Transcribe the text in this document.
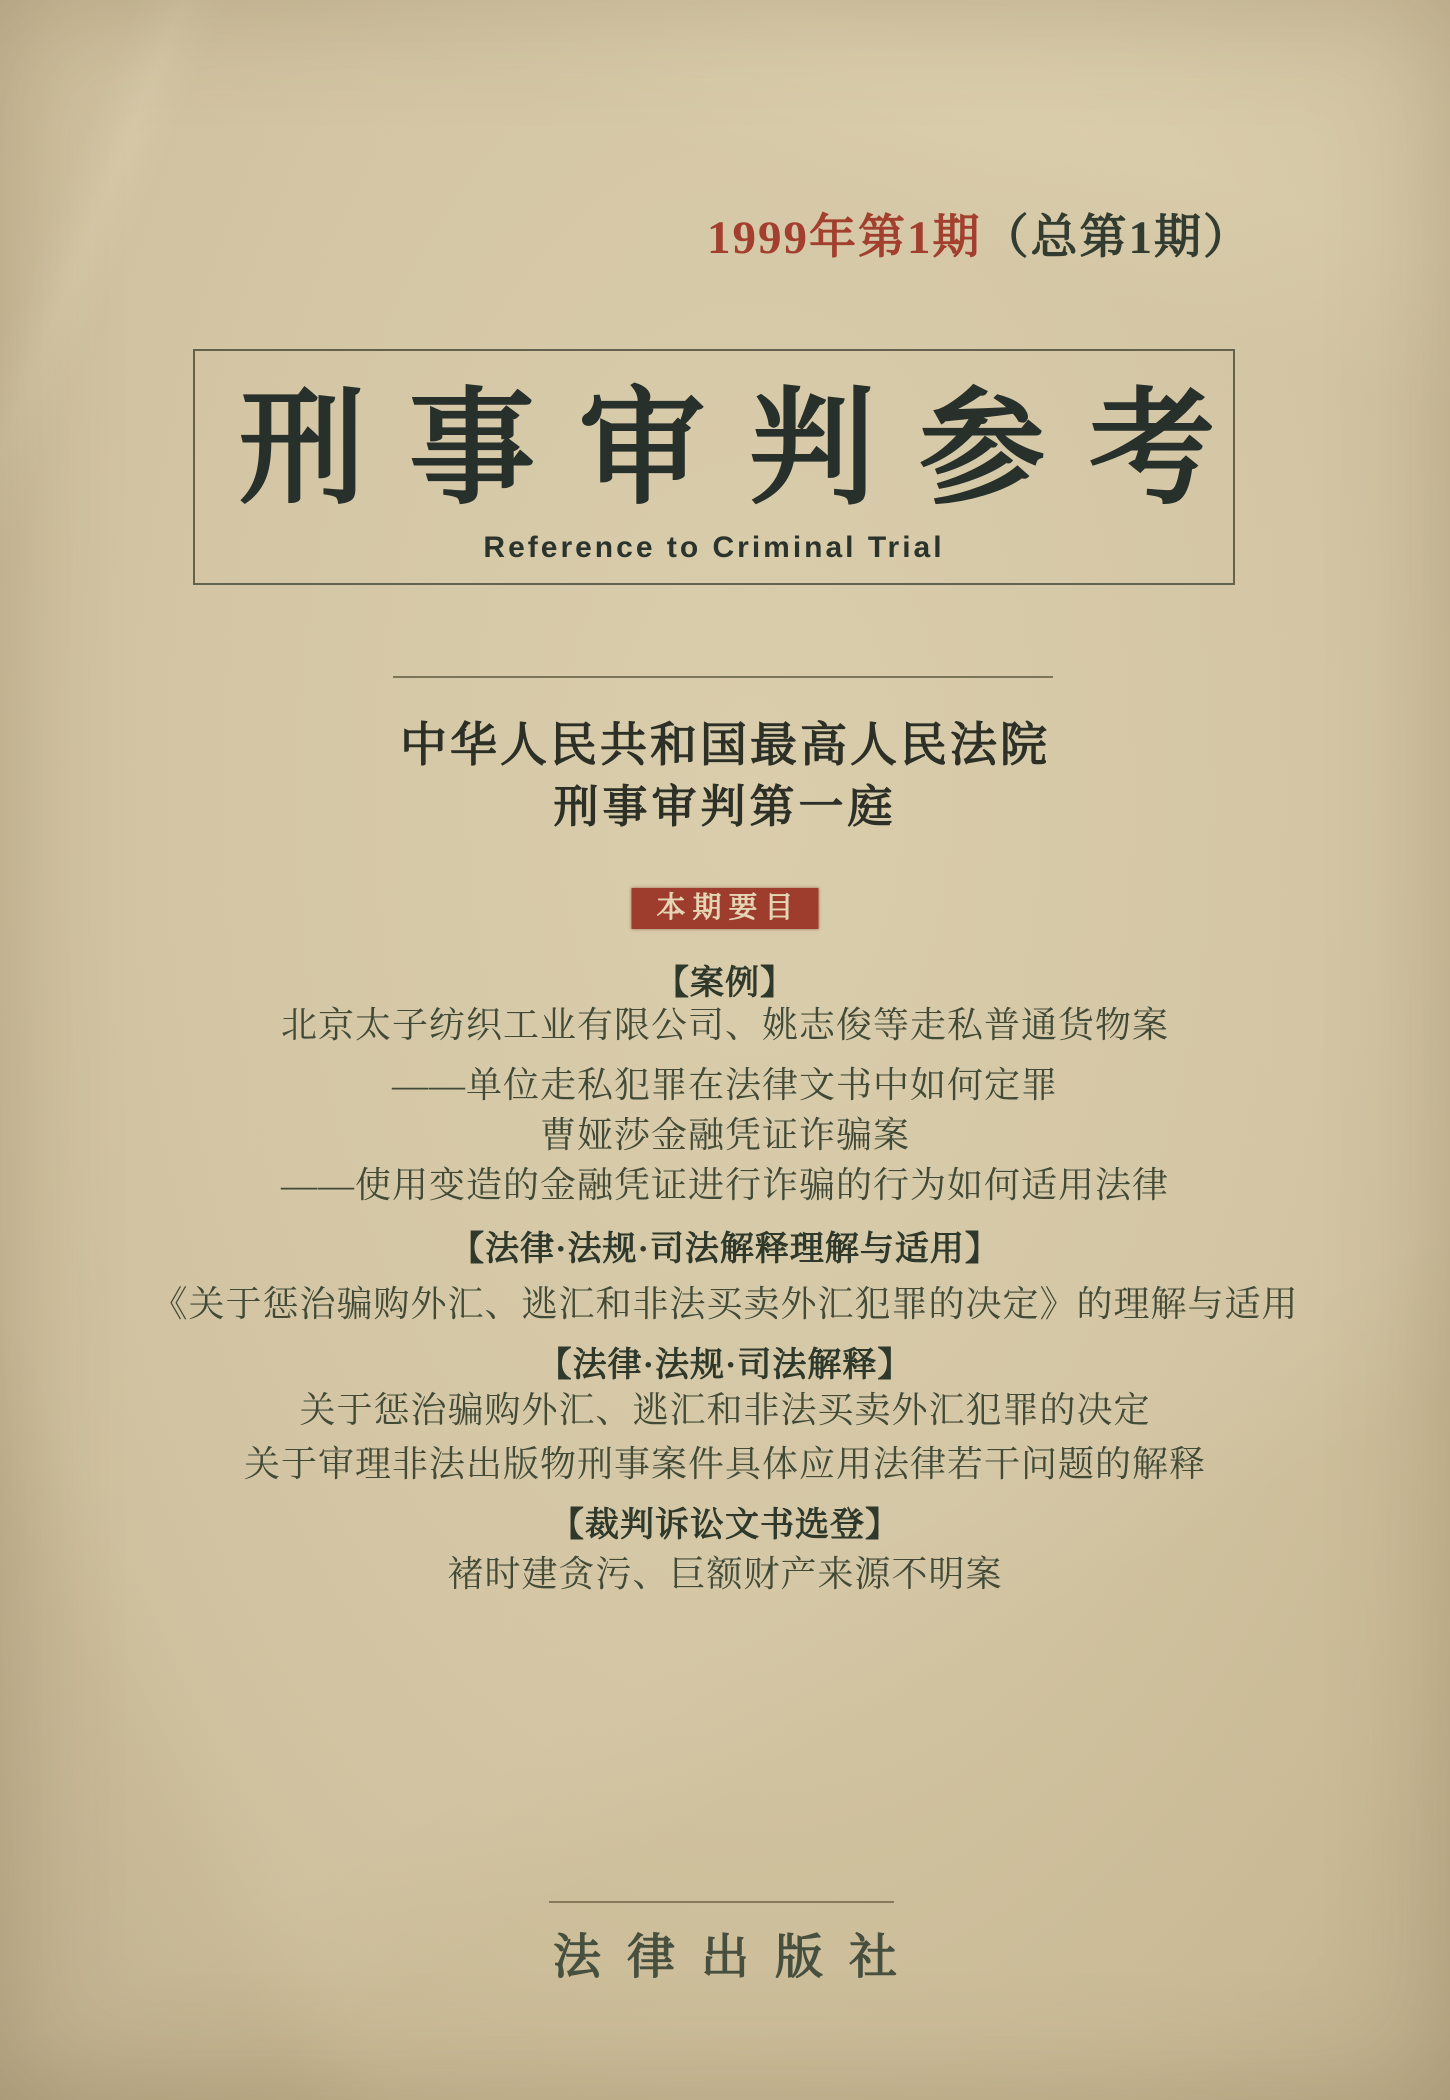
1999年第1期（总第1期）
刑事审判参考
Reference to Criminal Trial
中华人民共和国最高人民法院
刑事审判第一庭
本期要目
【案例】
北京太子纺织工业有限公司、姚志俊等走私普通货物案
——单位走私犯罪在法律文书中如何定罪
曹娅莎金融凭证诈骗案
——使用变造的金融凭证进行诈骗的行为如何适用法律
【法律·法规·司法解释理解与适用】
《关于惩治骗购外汇、逃汇和非法买卖外汇犯罪的决定》的理解与适用
【法律·法规·司法解释】
关于惩治骗购外汇、逃汇和非法买卖外汇犯罪的决定
关于审理非法出版物刑事案件具体应用法律若干问题的解释
【裁判诉讼文书选登】
褚时建贪污、巨额财产来源不明案
法律出版社
